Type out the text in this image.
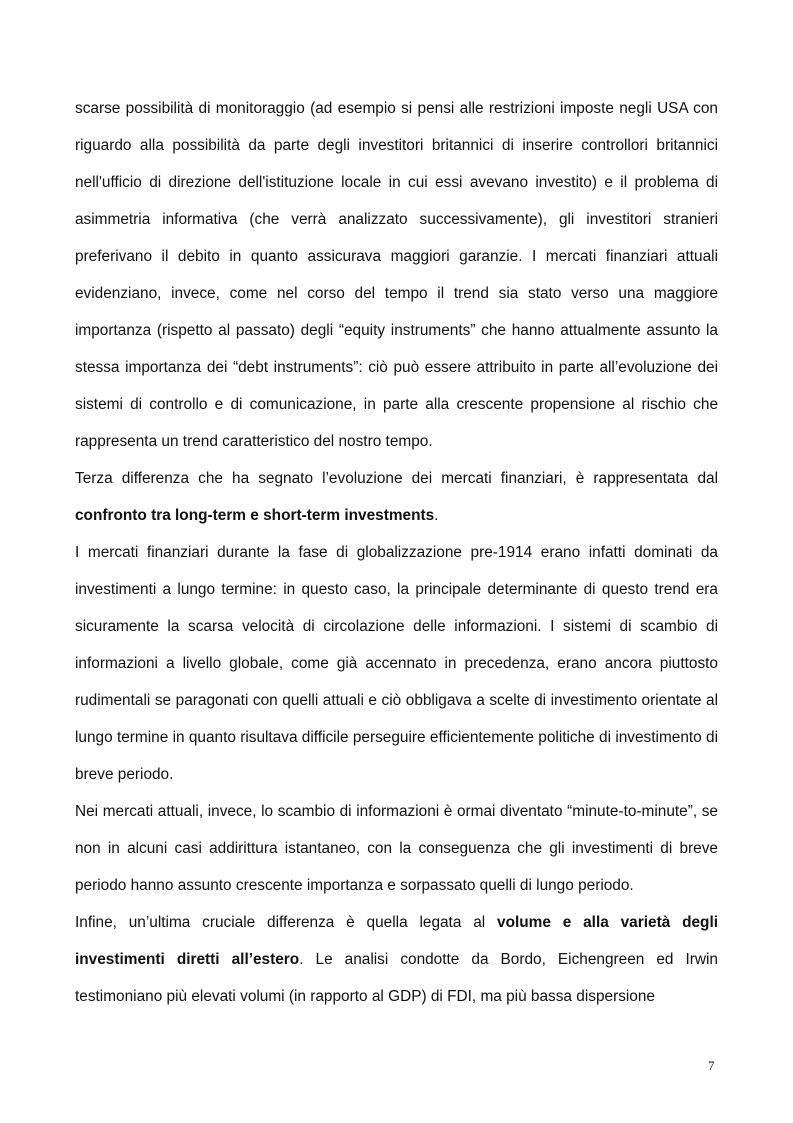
scarse possibilità di monitoraggio (ad esempio si pensi alle restrizioni imposte negli USA con riguardo alla possibilità da parte degli investitori britannici di inserire controllori britannici nell'ufficio di direzione dell'istituzione locale in cui essi avevano investito) e il problema di asimmetria informativa (che verrà analizzato successivamente), gli investitori stranieri preferivano il debito in quanto assicurava maggiori garanzie. I mercati finanziari attuali evidenziano, invece, come nel corso del tempo il trend sia stato verso una maggiore importanza (rispetto al passato) degli “equity instruments” che hanno attualmente assunto la stessa importanza dei “debt instruments”: ciò può essere attribuito in parte all’evoluzione dei sistemi di controllo e di comunicazione, in parte alla crescente propensione al rischio che rappresenta un trend caratteristico del nostro tempo.

Terza differenza che ha segnato l’evoluzione dei mercati finanziari, è rappresentata dal confronto tra long-term e short-term investments.

I mercati finanziari durante la fase di globalizzazione pre-1914 erano infatti dominati da investimenti a lungo termine: in questo caso, la principale determinante di questo trend era sicuramente la scarsa velocità di circolazione delle informazioni. I sistemi di scambio di informazioni a livello globale, come già accennato in precedenza, erano ancora piuttosto rudimentali se paragonati con quelli attuali e ciò obbligava a scelte di investimento orientate al lungo termine in quanto risultava difficile perseguire efficientemente politiche di investimento di breve periodo.

Nei mercati attuali, invece, lo scambio di informazioni è ormai diventato “minute-to-minute”, se non in alcuni casi addirittura istantaneo, con la conseguenza che gli investimenti di breve periodo hanno assunto crescente importanza e sorpassato quelli di lungo periodo.

Infine, un’ultima cruciale differenza è quella legata al volume e alla varietà degli investimenti diretti all’estero. Le analisi condotte da Bordo, Eichengreen ed Irwin testimoniano più elevati volumi (in rapporto al GDP) di FDI, ma più bassa dispersione

7
